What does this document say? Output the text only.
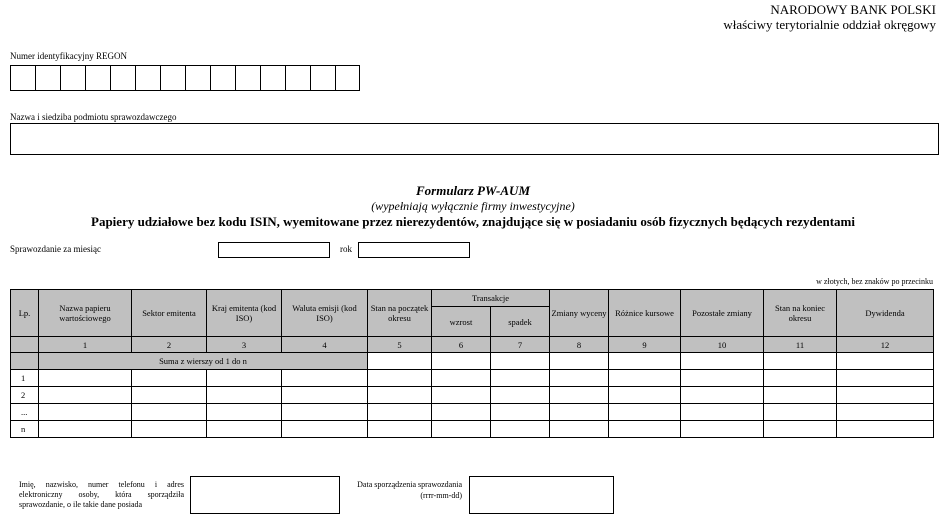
NARODOWY BANK POLSKI
właściwy terytorialnie oddział okręgowy
Numer identyfikacyjny REGON
Nazwa i siedziba podmiotu sprawozdawczego
Formularz PW-AUM
(wypełniają wyłącznie firmy inwestycyjne)
Papiery udziałowe bez kodu ISIN, wyemitowane przez nierezydentów, znajdujące się w posiadaniu osób fizycznych będących rezydentami
Sprawozdanie za miesiąc	rok
w złotych, bez znaków po przecinku
Lp.	Nazwa papieru wartościowego	Sektor emitenta	Kraj emitenta (kod ISO)	Waluta emisji (kod ISO)	Stan na początek okresu	Transakcje		Zmiany wyceny	Różnice kursowe	Pozostałe zmiany	Stan na koniec okresu	Dywidenda
						wzrost	spadek					
	1	2	3	4	5	6	7	8	9	10	11	12
	Suma z wierszy od 1 do n											
1												
2												
...												
n												
Imię, nazwisko, numer telefonu i adres elektroniczny osoby, która sporządziła sprawozdanie, o ile takie dane posiada
Data sporządzenia sprawozdania
(rrrr-mm-dd)
